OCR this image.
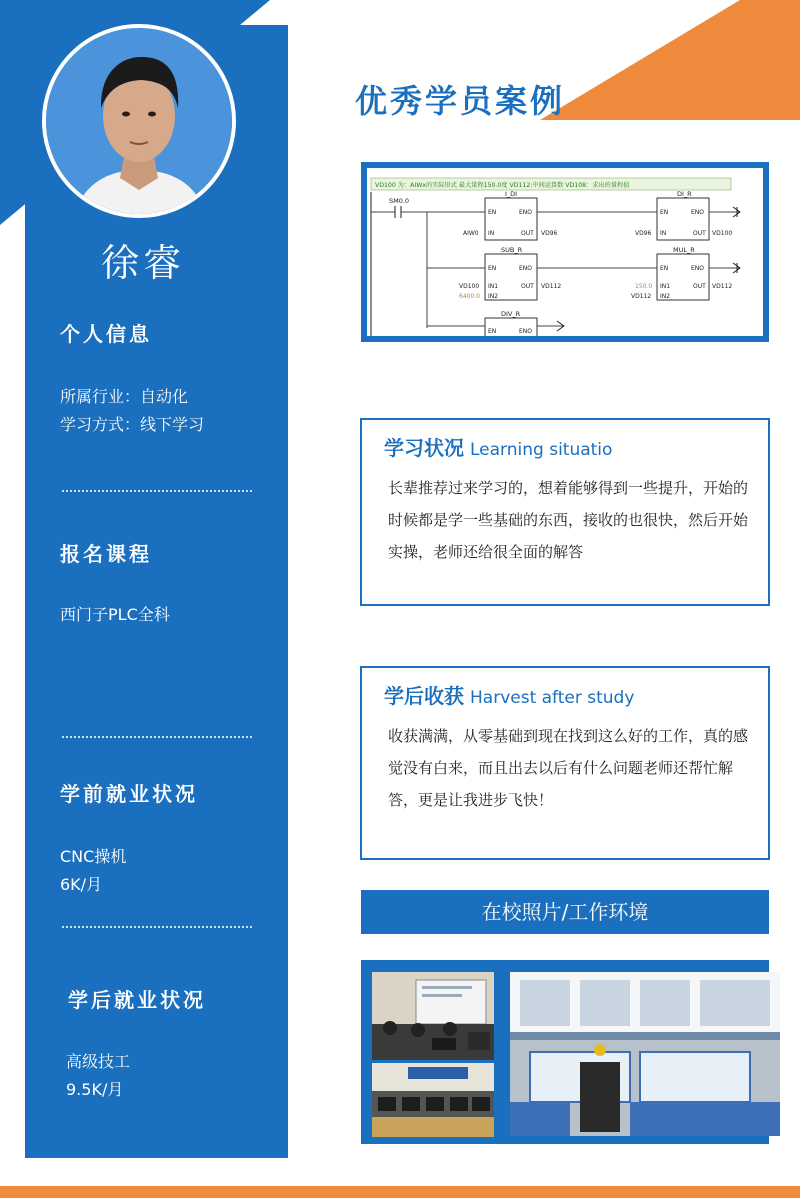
徐睿
个人信息
所属行业：自动化
学习方式：线下学习
报名课程
西门子PLC全科
学前就业状况
CNC操机
6K/月
学后就业状况
高级技工
9.5K/月
优秀学员案例
VD100 为：AIWx的实际形式 最大量程150.0度 VD112:中间运算数 VD108：求出的量程值
SM0.0
I_DI
EN	ENO
IN	OUT
AIW0	VD96
DI_R
EN	ENO
IN	OUT
VD96	VD100
SUB_R
EN	ENO
IN1
IN2
OUT
VD100
6400.0
VD112
MUL_R
EN	ENO
IN1
IN2
OUT
150.0
VD112
VD112
DIV_R
EN	ENO
学习状况 Learning situatio
长辈推荐过来学习的，想着能够得到一些提升，开始的时候都是学一些基础的东西，接收的也很快，然后开始实操，老师还给很全面的解答
学后收获 Harvest after study
收获满满，从零基础到现在找到这么好的工作，真的感觉没有白来，而且出去以后有什么问题老师还帮忙解答，更是让我进步飞快！
在校照片/工作环境
